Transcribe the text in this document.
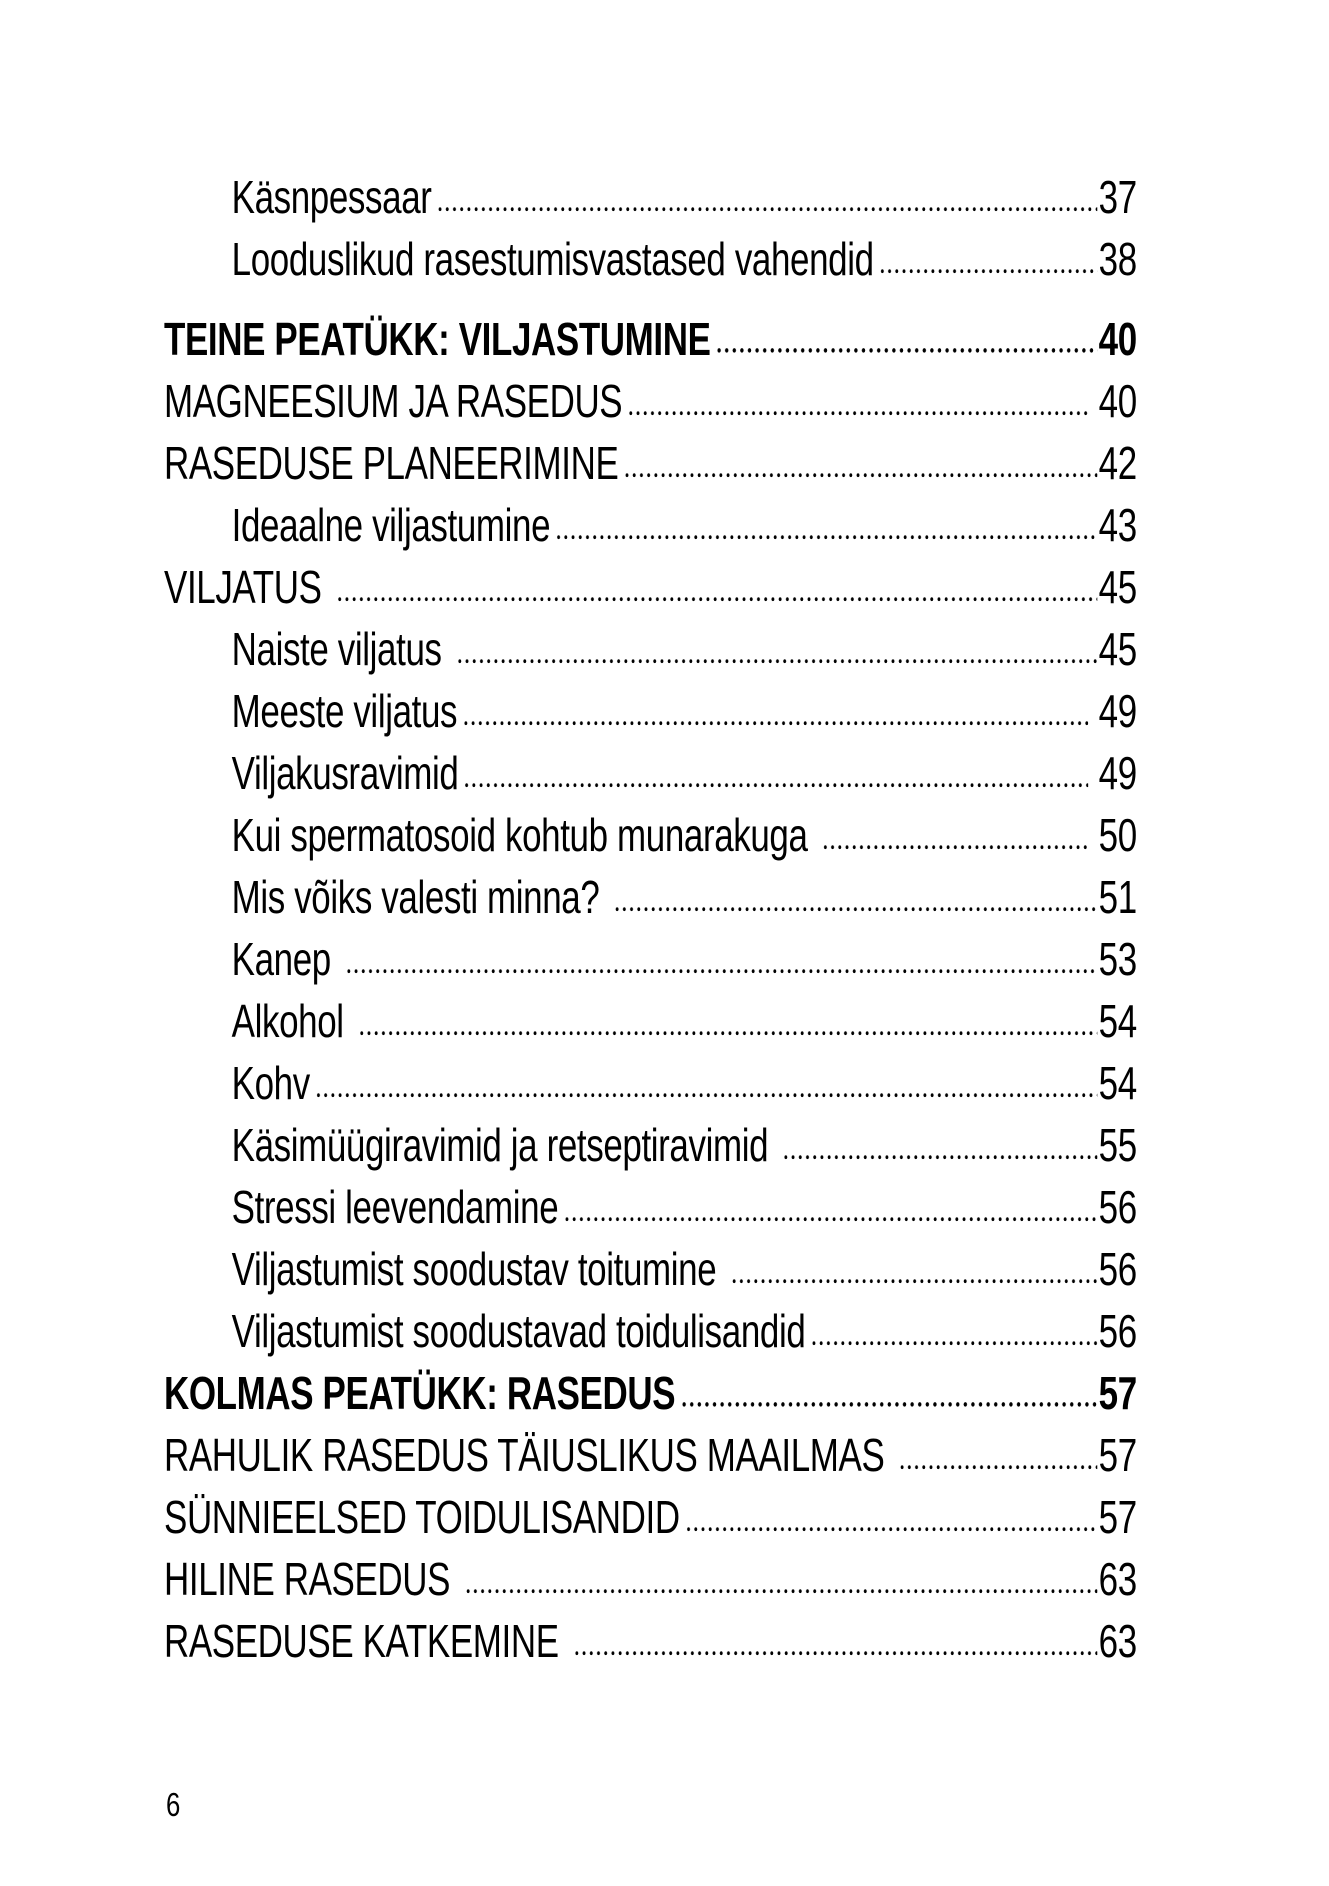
Käsnpessaar	37
Looduslikud rasestumisvastased vahendid	38
TEINE PEATÜKK: VILJASTUMINE	40
MAGNEESIUM JA RASEDUS	40
RASEDUSE PLANEERIMINE	42
Ideaalne viljastumine	43
VILJATUS	45
Naiste viljatus	45
Meeste viljatus	49
Viljakusravimid	49
Kui spermatosoid kohtub munarakuga	50
Mis võiks valesti minna?	51
Kanep	53
Alkohol	54
Kohv	54
Käsimüügiravimid ja retseptiravimid	55
Stressi leevendamine	56
Viljastumist soodustav toitumine	56
Viljastumist soodustavad toidulisandid	56
KOLMAS PEATÜKK: RASEDUS	57
RAHULIK RASEDUS TÄIUSLIKUS MAAILMAS	57
SÜNNIEELSED TOIDULISANDID	57
HILINE RASEDUS	63
RASEDUSE KATKEMINE	63
6
